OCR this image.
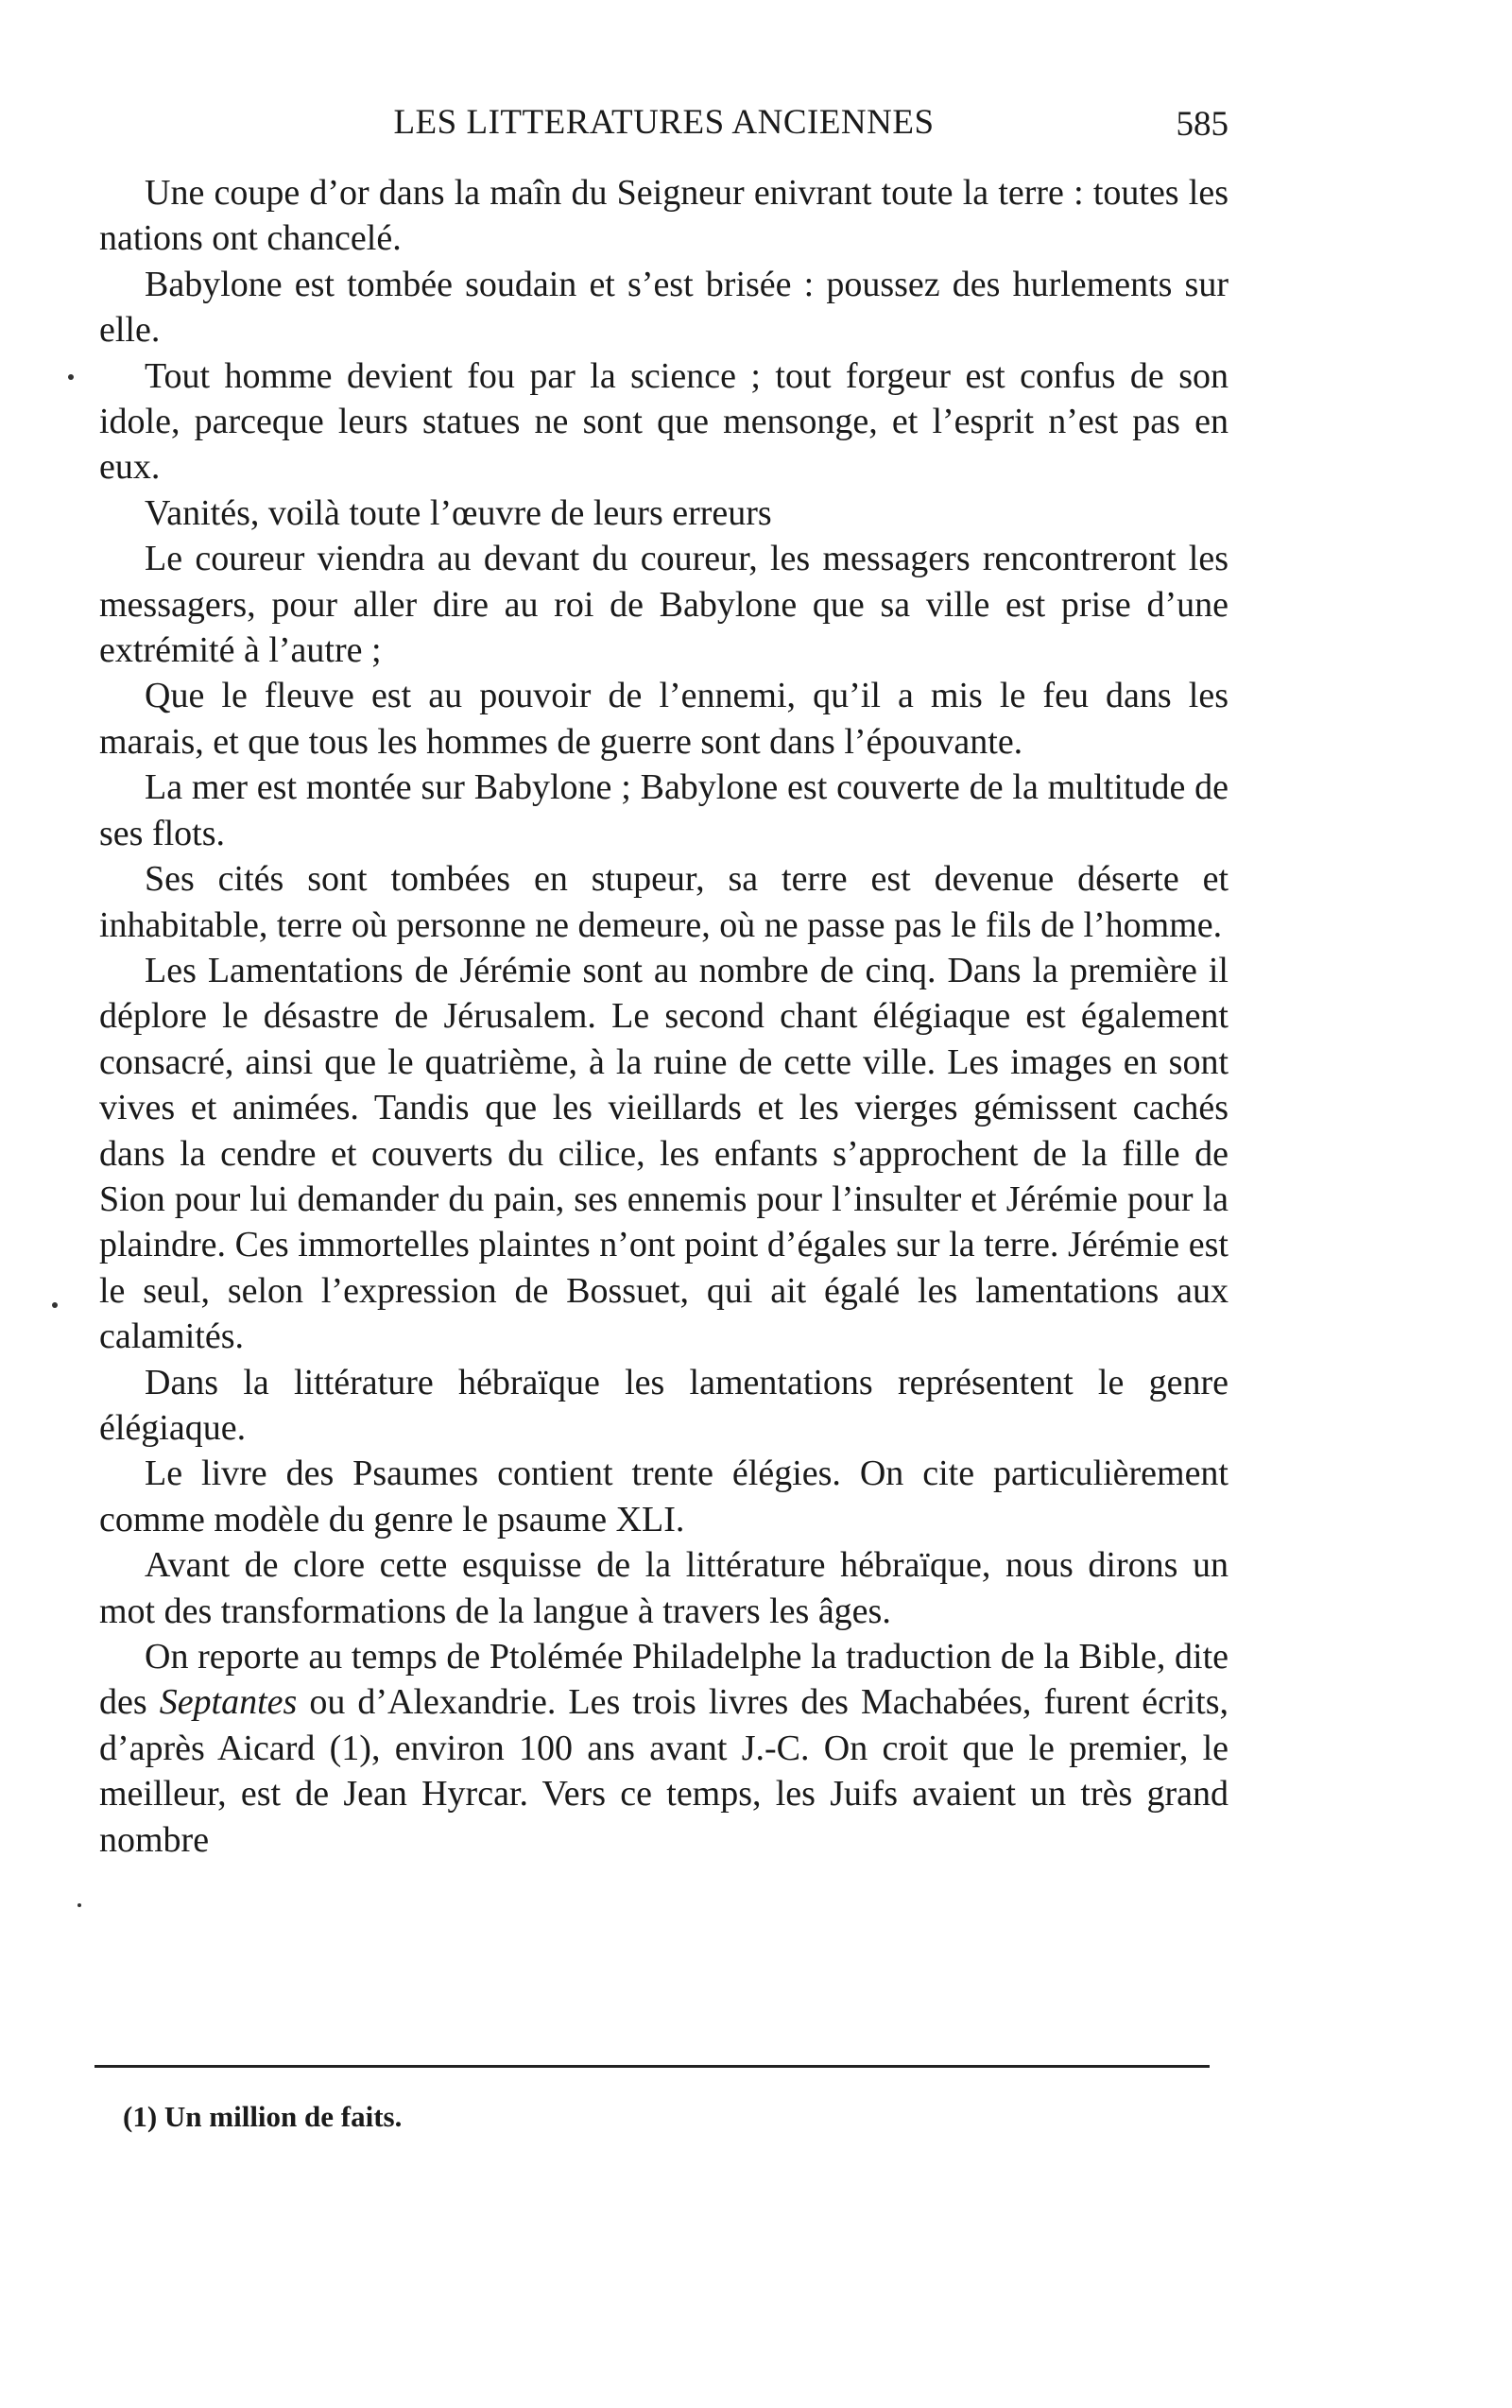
LES LITTERATURES ANCIENNES	585

Une coupe d’or dans la maîn du Seigneur enivrant toute la terre : toutes les nations ont chancelé.

Babylone est tombée soudain et s’est brisée : poussez des hurlements sur elle.

Tout homme devient fou par la science ; tout forgeur est confus de son idole, parceque leurs statues ne sont que mensonge, et l’esprit n’est pas en eux.

Vanités, voilà toute l’œuvre de leurs erreurs

Le coureur viendra au devant du coureur, les messagers rencontreront les messagers, pour aller dire au roi de Babylone que sa ville est prise d’une extrémité à l’autre ;

Que le fleuve est au pouvoir de l’ennemi, qu’il a mis le feu dans les marais, et que tous les hommes de guerre sont dans l’épouvante.

La mer est montée sur Babylone ; Babylone est couverte de la multitude de ses flots.

Ses cités sont tombées en stupeur, sa terre est devenue déserte et inhabitable, terre où personne ne demeure, où ne passe pas le fils de l’homme.

Les Lamentations de Jérémie sont au nombre de cinq. Dans la première il déplore le désastre de Jérusalem. Le second chant élégiaque est également consacré, ainsi que le quatrième, à la ruine de cette ville. Les images en sont vives et animées. Tandis que les vieillards et les vierges gémissent cachés dans la cendre et couverts du cilice, les enfants s’approchent de la fille de Sion pour lui demander du pain, ses ennemis pour l’insulter et Jérémie pour la plaindre. Ces immortelles plaintes n’ont point d’égales sur la terre. Jérémie est le seul, selon l’expression de Bossuet, qui ait égalé les lamentations aux calamités.

Dans la littérature hébraïque les lamentations représentent le genre élégiaque.

Le livre des Psaumes contient trente élégies. On cite particulièrement comme modèle du genre le psaume XLI.

Avant de clore cette esquisse de la littérature hébraïque, nous dirons un mot des transformations de la langue à travers les âges.

On reporte au temps de Ptolémée Philadelphe la traduction de la Bible, dite des Septantes ou d’Alexandrie. Les trois livres des Machabées, furent écrits, d’après Aicard (1), environ 100 ans avant J.-C. On croit que le premier, le meilleur, est de Jean Hyrcar. Vers ce temps, les Juifs avaient un très grand nombre

(1) Un million de faits.
